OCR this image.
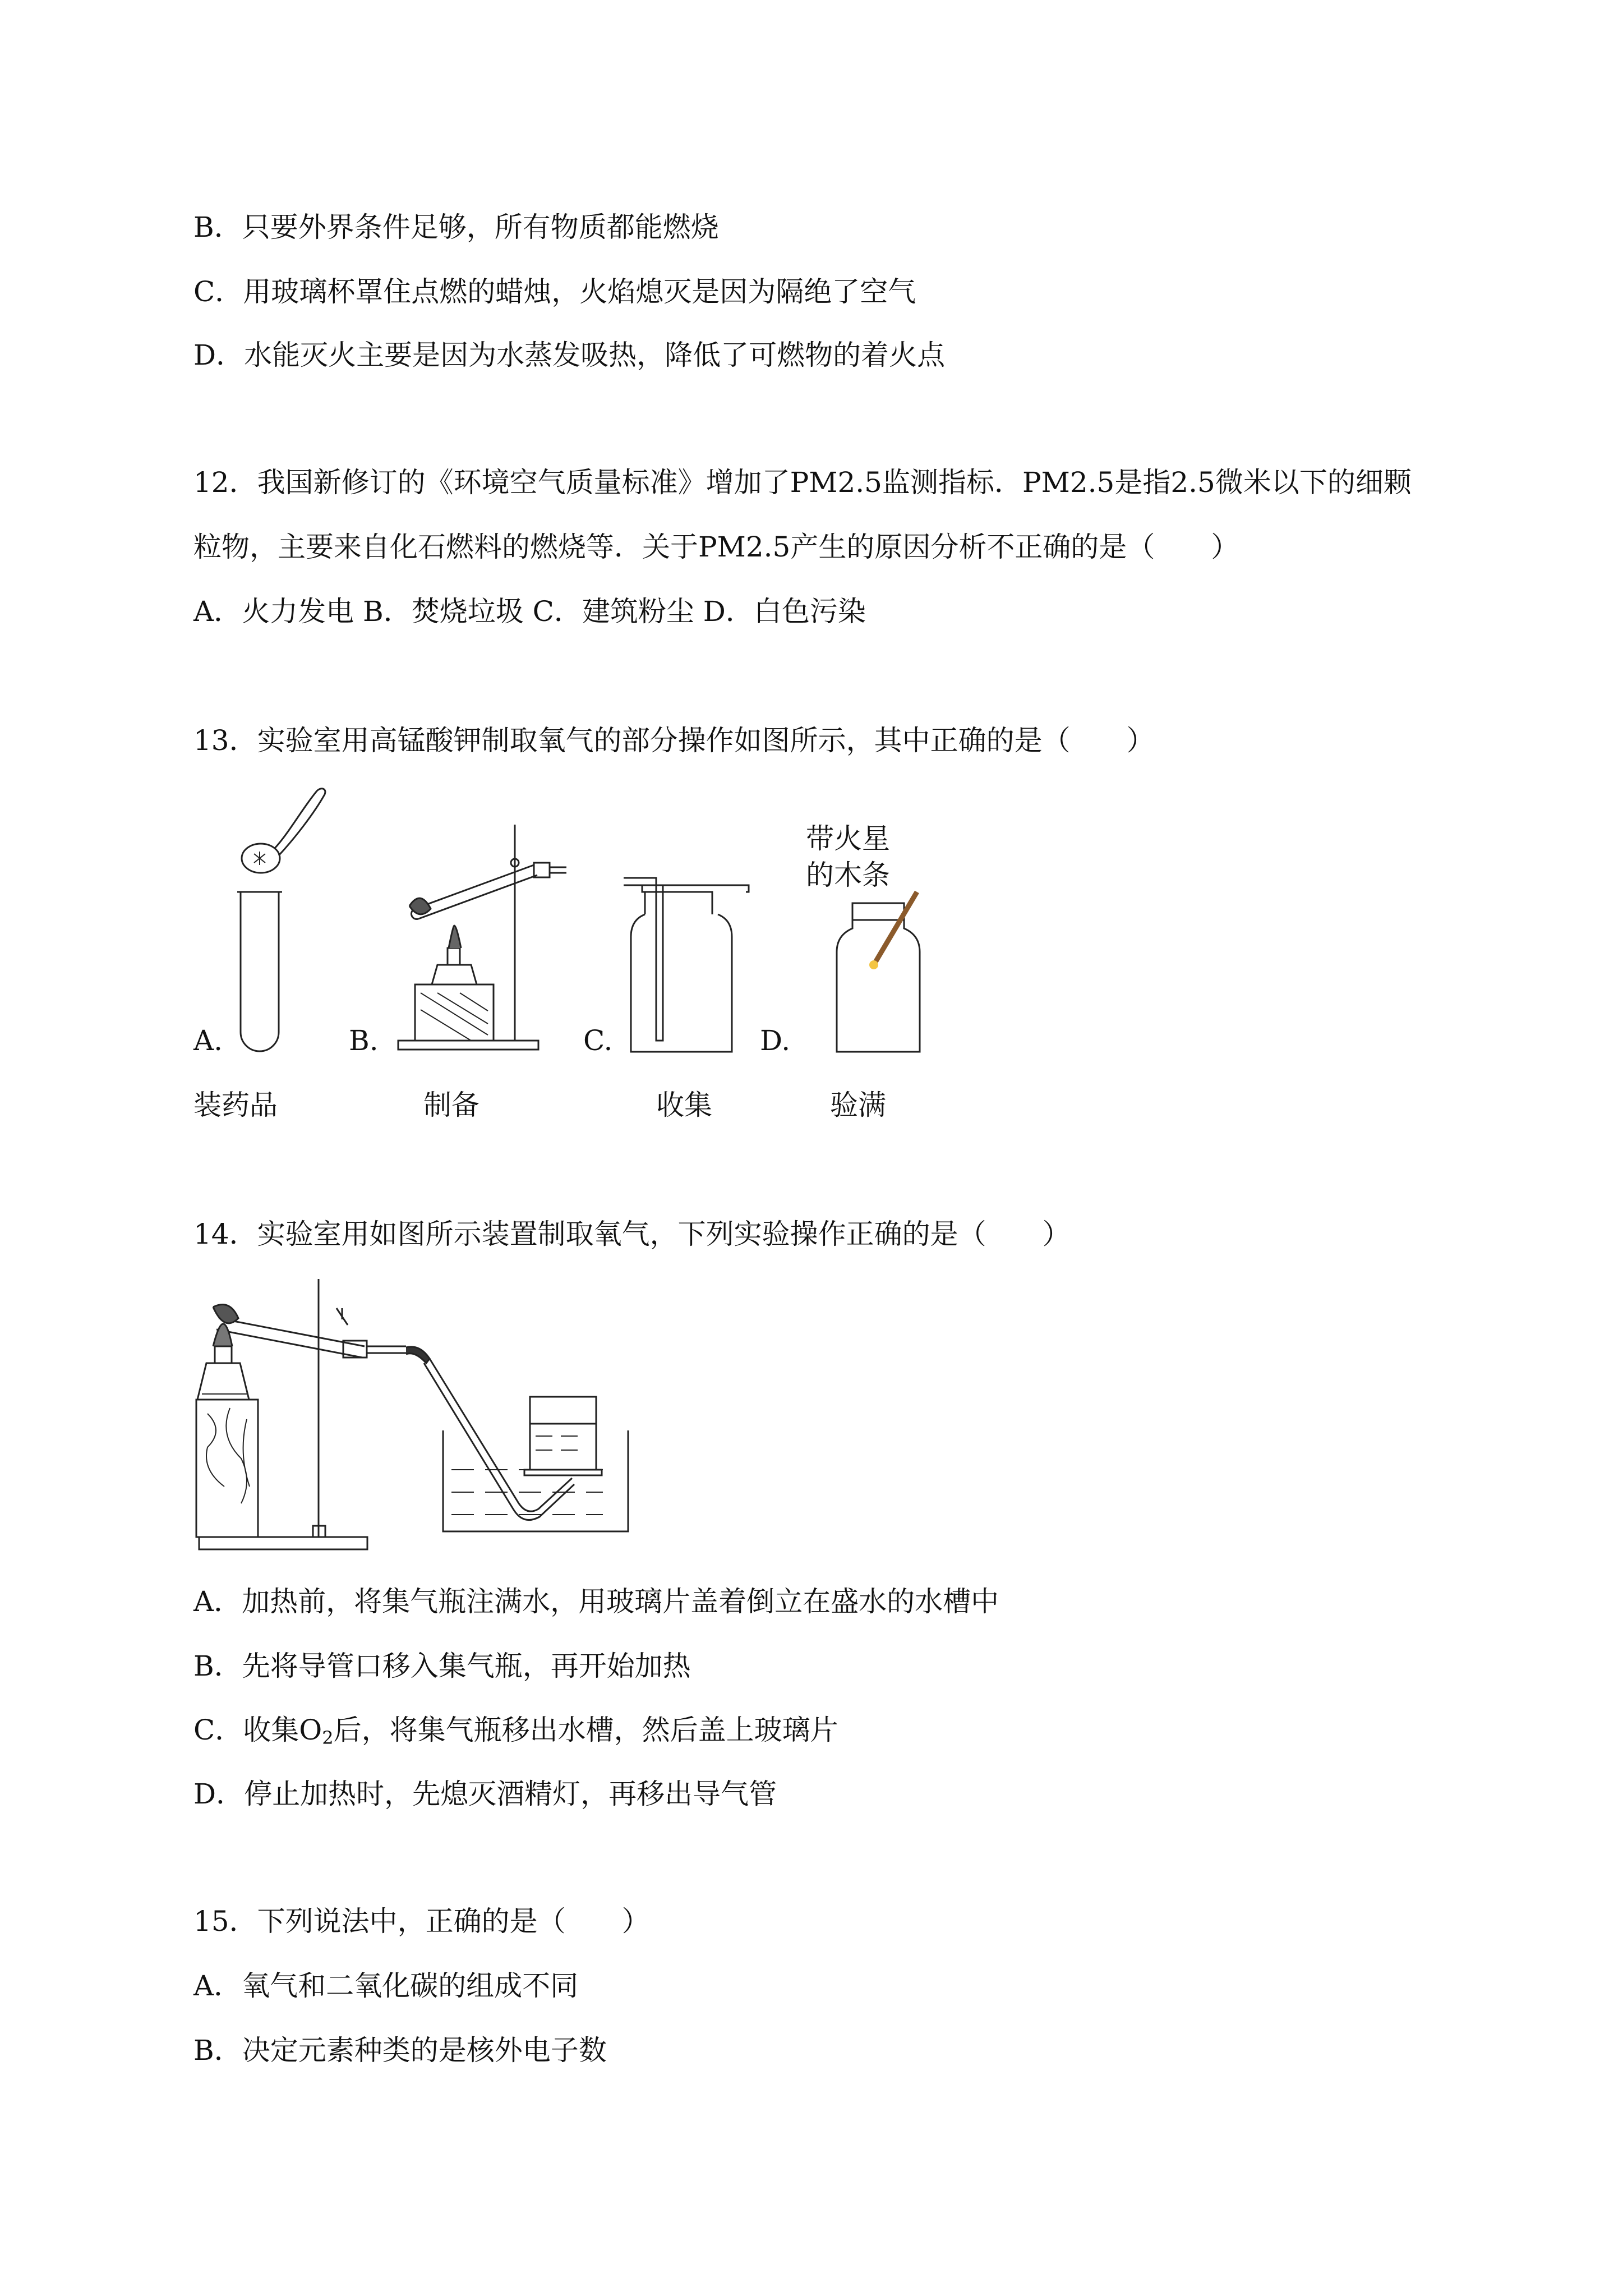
B．只要外界条件足够，所有物质都能燃烧
C．用玻璃杯罩住点燃的蜡烛，火焰熄灭是因为隔绝了空气
D．水能灭火主要是因为水蒸发吸热，降低了可燃物的着火点
12．我国新修订的《环境空气质量标准》增加了PM2.5监测指标．PM2.5是指2.5微米以下的细颗
粒物，主要来自化石燃料的燃烧等．关于PM2.5产生的原因分析不正确的是（　　）
A．火力发电 B．焚烧垃圾 C．建筑粉尘 D．白色污染
13．实验室用高锰酸钾制取氧气的部分操作如图所示，其中正确的是（　　）
带火星
的木条
A.	B.	C.	D.
装药品	制备	收集	验满
14．实验室用如图所示装置制取氧气，下列实验操作正确的是（　　）
A．加热前，将集气瓶注满水，用玻璃片盖着倒立在盛水的水槽中
B．先将导管口移入集气瓶，再开始加热
C．收集$O_2$后，将集气瓶移出水槽，然后盖上玻璃片
D．停止加热时，先熄灭酒精灯，再移出导气管
15．下列说法中，正确的是（　　）
A．氧气和二氧化碳的组成不同
B．决定元素种类的是核外电子数
